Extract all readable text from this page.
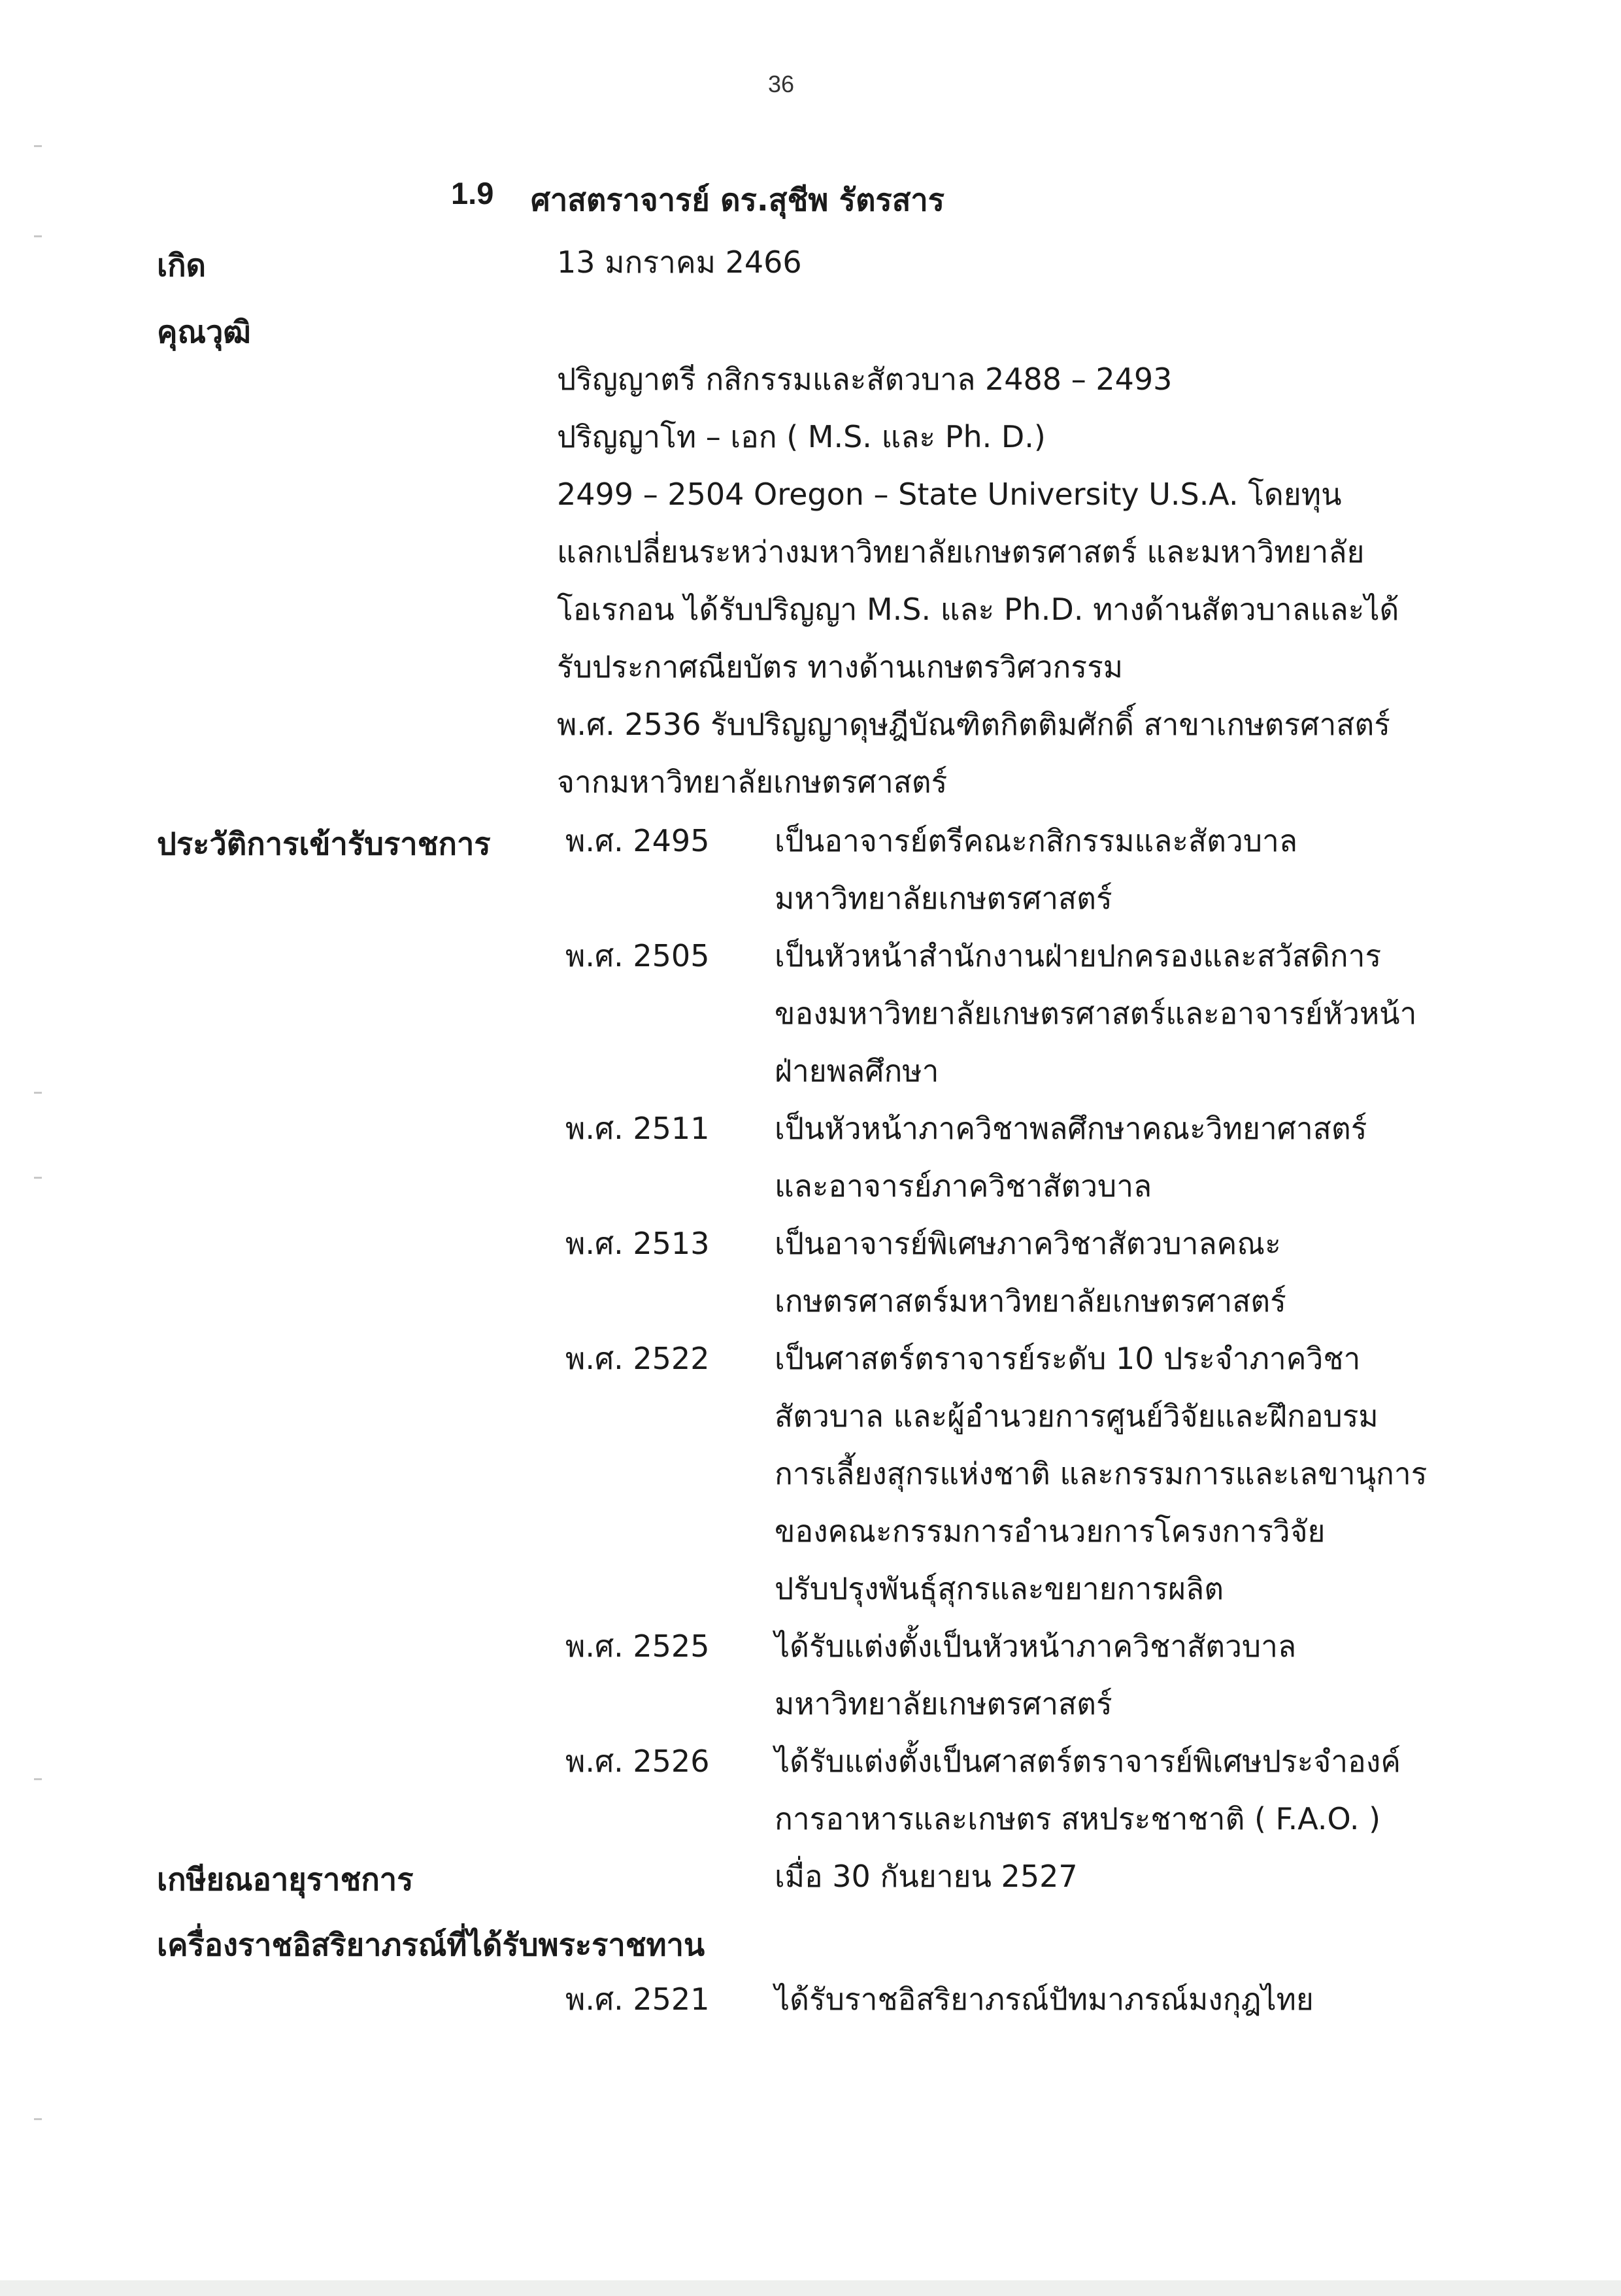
36
1.9 ศาสตราจารย์ ดร.สุชีพ รัตรสาร
เกิด	13 มกราคม 2466
คุณวุฒิ
ปริญญาตรี กสิกรรมและสัตวบาล 2488 – 2493
ปริญญาโท – เอก ( M.S. และ Ph. D.)
2499 – 2504 Oregon – State University U.S.A. โดยทุน
แลกเปลี่ยนระหว่างมหาวิทยาลัยเกษตรศาสตร์ และมหาวิทยาลัย
โอเรกอน ได้รับปริญญา M.S. และ Ph.D. ทางด้านสัตวบาลและได้
รับประกาศณียบัตร ทางด้านเกษตรวิศวกรรม
พ.ศ. 2536 รับปริญญาดุษฎีบัณฑิตกิตติมศักดิ์ สาขาเกษตรศาสตร์
จากมหาวิทยาลัยเกษตรศาสตร์
ประวัติการเข้ารับราชการ พ.ศ. 2495 เป็นอาจารย์ตรีคณะกสิกรรมและสัตวบาล
มหาวิทยาลัยเกษตรศาสตร์
พ.ศ. 2505 เป็นหัวหน้าสำนักงานฝ่ายปกครองและสวัสดิการ
ของมหาวิทยาลัยเกษตรศาสตร์และอาจารย์หัวหน้า
ฝ่ายพลศึกษา
พ.ศ. 2511 เป็นหัวหน้าภาควิชาพลศึกษาคณะวิทยาศาสตร์
และอาจารย์ภาควิชาสัตวบาล
พ.ศ. 2513 เป็นอาจารย์พิเศษภาควิชาสัตวบาลคณะ
เกษตรศาสตร์มหาวิทยาลัยเกษตรศาสตร์
พ.ศ. 2522 เป็นศาสตร์ตราจารย์ระดับ 10 ประจำภาควิชา
สัตวบาล และผู้อำนวยการศูนย์วิจัยและฝึกอบรม
การเลี้ยงสุกรแห่งชาติ และกรรมการและเลขานุการ
ของคณะกรรมการอำนวยการโครงการวิจัย
ปรับปรุงพันธุ์สุกรและขยายการผลิต
พ.ศ. 2525 ได้รับแต่งตั้งเป็นหัวหน้าภาควิชาสัตวบาล
มหาวิทยาลัยเกษตรศาสตร์
พ.ศ. 2526 ได้รับแต่งตั้งเป็นศาสตร์ตราจารย์พิเศษประจำองค์
การอาหารและเกษตร สหประชาชาติ ( F.A.O. )
เกษียณอายุราชการ	เมื่อ 30 กันยายน 2527
เครื่องราชอิสริยาภรณ์ที่ได้รับพระราชทาน
พ.ศ. 2521 ได้รับราชอิสริยาภรณ์ปัทมาภรณ์มงกุฎไทย
